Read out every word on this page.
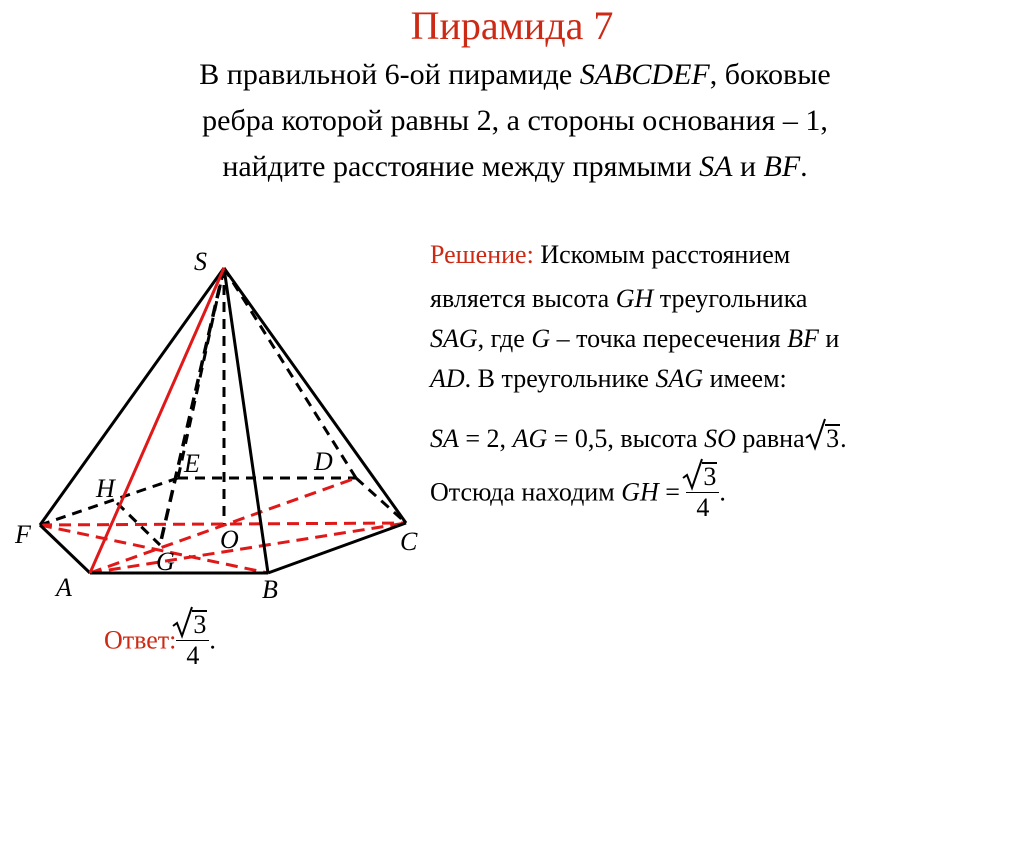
Пирамида 7
В правильной 6-ой пирамиде SABCDEF, боковые
ребра которой равны 2, а стороны основания – 1,
найдите расстояние между прямыми SA и BF.
S
H
E	D
F	O	C
G
A	B
Решение: Искомым расстоянием
является высота GH треугольника
SAG, где G – точка пересечения BF и
AD. В треугольнике SAG имеем:
SA = 2, AG = 0,5, высота SO равна
3.
Отсюда находим GH = $\frac{3}{4}$ .
Ответ: $\frac{3}{4}$ .
